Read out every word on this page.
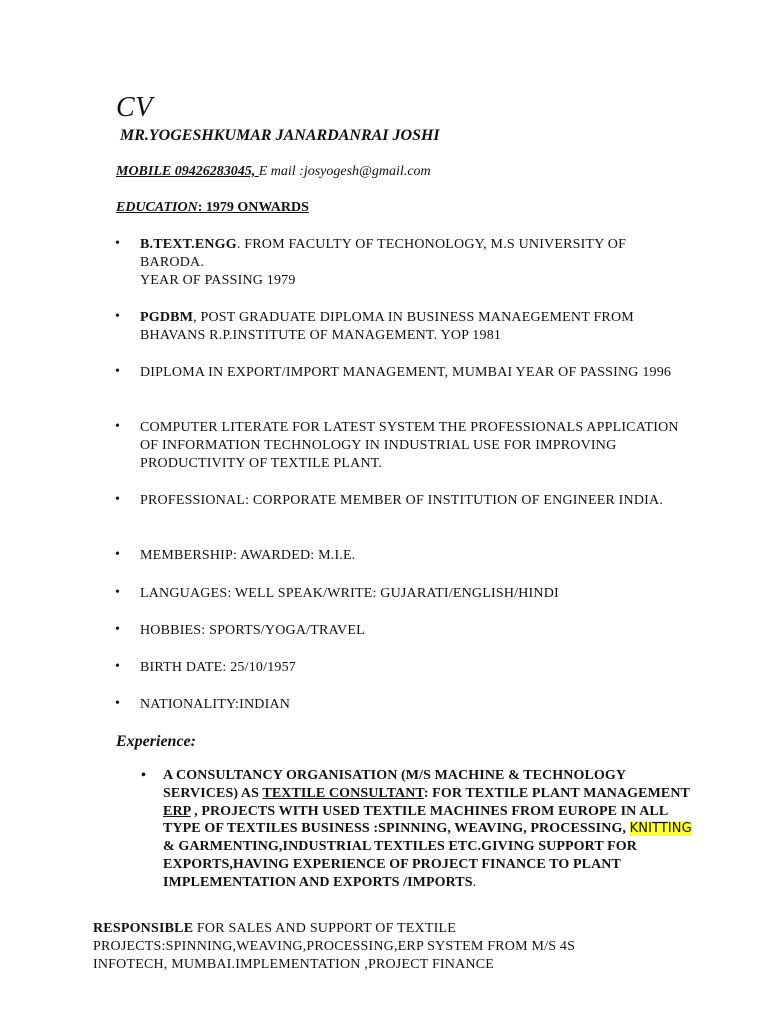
CV
MR.YOGESHKUMAR JANARDANRAI JOSHI
MOBILE 09426283045, E mail :josyogesh@gmail.com
EDUCATION: 1979 ONWARDS
• B.TEXT.ENGG. FROM FACULTY OF TECHONOLOGY, M.S UNIVERSITY OF BARODA.
YEAR OF PASSING 1979
• PGDBM, POST GRADUATE DIPLOMA IN BUSINESS MANAEGEMENT FROM BHAVANS R.P.INSTITUTE OF MANAGEMENT. YOP 1981
• DIPLOMA IN EXPORT/IMPORT MANAGEMENT, MUMBAI YEAR OF PASSING 1996
• COMPUTER LITERATE FOR LATEST SYSTEM THE PROFESSIONALS APPLICATION OF INFORMATION TECHNOLOGY IN INDUSTRIAL USE FOR IMPROVING PRODUCTIVITY OF TEXTILE PLANT.
• PROFESSIONAL: CORPORATE MEMBER OF INSTITUTION OF ENGINEER INDIA.
• MEMBERSHIP: AWARDED: M.I.E.
• LANGUAGES: WELL SPEAK/WRITE: GUJARATI/ENGLISH/HINDI
• HOBBIES: SPORTS/YOGA/TRAVEL
• BIRTH DATE: 25/10/1957
• NATIONALITY:INDIAN
Experience:
• A CONSULTANCY ORGANISATION (M/S MACHINE & TECHNOLOGY SERVICES) AS TEXTILE CONSULTANT: FOR TEXTILE PLANT MANAGEMENT ERP , PROJECTS WITH USED TEXTILE MACHINES FROM EUROPE IN ALL TYPE OF TEXTILES BUSINESS :SPINNING, WEAVING, PROCESSING, KNITTING & GARMENTING,INDUSTRIAL TEXTILES ETC.GIVING SUPPORT FOR EXPORTS,HAVING EXPERIENCE OF PROJECT FINANCE TO PLANT IMPLEMENTATION AND EXPORTS /IMPORTS.
RESPONSIBLE FOR SALES AND SUPPORT OF TEXTILE PROJECTS:SPINNING,WEAVING,PROCESSING,ERP SYSTEM FROM M/S 4S INFOTECH, MUMBAI.IMPLEMENTATION ,PROJECT FINANCE
